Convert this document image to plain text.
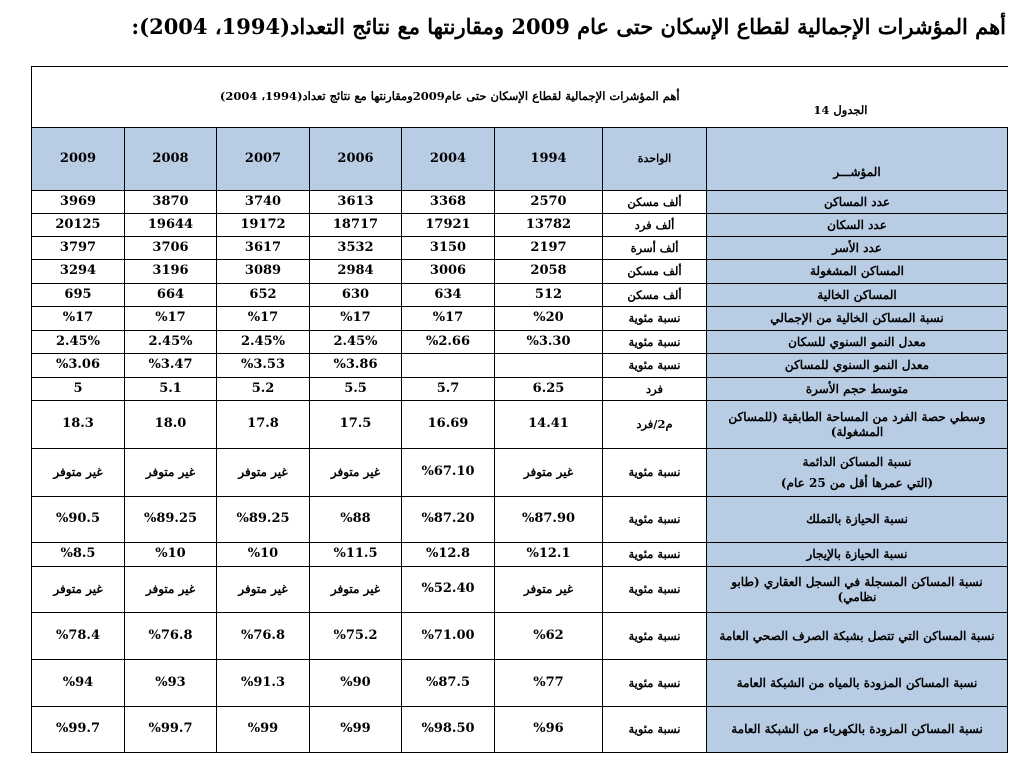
أهم المؤشرات الإجمالية لقطاع الإسكان حتى عام 2009 ومقارنتها مع نتائج التعداد(1994، 2004):
أهم المؤشرات الإجمالية لقطاع الإسكان حتى عام2009ومقارنتها مع نتائج تعداد(1994، 2004)
الجدول 14							

2009	2008	2007	2006	2004	1994	الواحدة	المؤشـــر
3969	3870	3740	3613	3368	2570	ألف مسكن	عدد المساكن
20125	19644	19172	18717	17921	13782	ألف فرد	عدد السكان
3797	3706	3617	3532	3150	2197	ألف أسرة	عدد الأسر
3294	3196	3089	2984	3006	2058	ألف مسكن	المساكن المشغولة
695	664	652	630	634	512	ألف مسكن	المساكن الخالية
%17	%17	%17	%17	%17	%20	نسبة مئوية	نسبة المساكن الخالية من الإجمالي
2.45%	2.45%	2.45%	2.45%	%2.66	%3.30	نسبة مئوية	معدل النمو السنوي للسكان
%3.06	%3.47	%3.53	%3.86			نسبة مئوية	معدل النمو السنوي للمساكن
5	5.1	5.2	5.5	5.7	6.25	فرد	متوسط حجم الأسرة
18.3	18.0	17.8	17.5	16.69	14.41	م2/فرد	وسطي حصة الفرد من المساحة الطابقية (للمساكن المشغولة)
غير متوفر	غير متوفر	غير متوفر	غير متوفر	%67.10	غير متوفر	نسبة مئوية	نسبة المساكن الدائمة
(التي عمرها أقل من 25 عام)

%90.5	%89.25	%89.25	%88	%87.20	%87.90	نسبة مئوية	نسبة الحيازة بالتملك
%8.5	%10	%10	%11.5	%12.8	%12.1	نسبة مئوية	نسبة الحيازة بالإيجار
غير متوفر	غير متوفر	غير متوفر	غير متوفر	%52.40	غير متوفر	نسبة مئوية	نسبة المساكن المسجلة في السجل العقاري (طابو نظامي)
%78.4	%76.8	%76.8	%75.2	%71.00	%62	نسبة مئوية	نسبة المساكن التي تتصل بشبكة الصرف الصحي العامة
%94	%93	%91.3	%90	%87.5	%77	نسبة مئوية	نسبة المساكن المزودة بالمياه من الشبكة العامة
%99.7	%99.7	%99	%99	%98.50	%96	نسبة مئوية	نسبة المساكن المزودة بالكهرباء من الشبكة العامة
